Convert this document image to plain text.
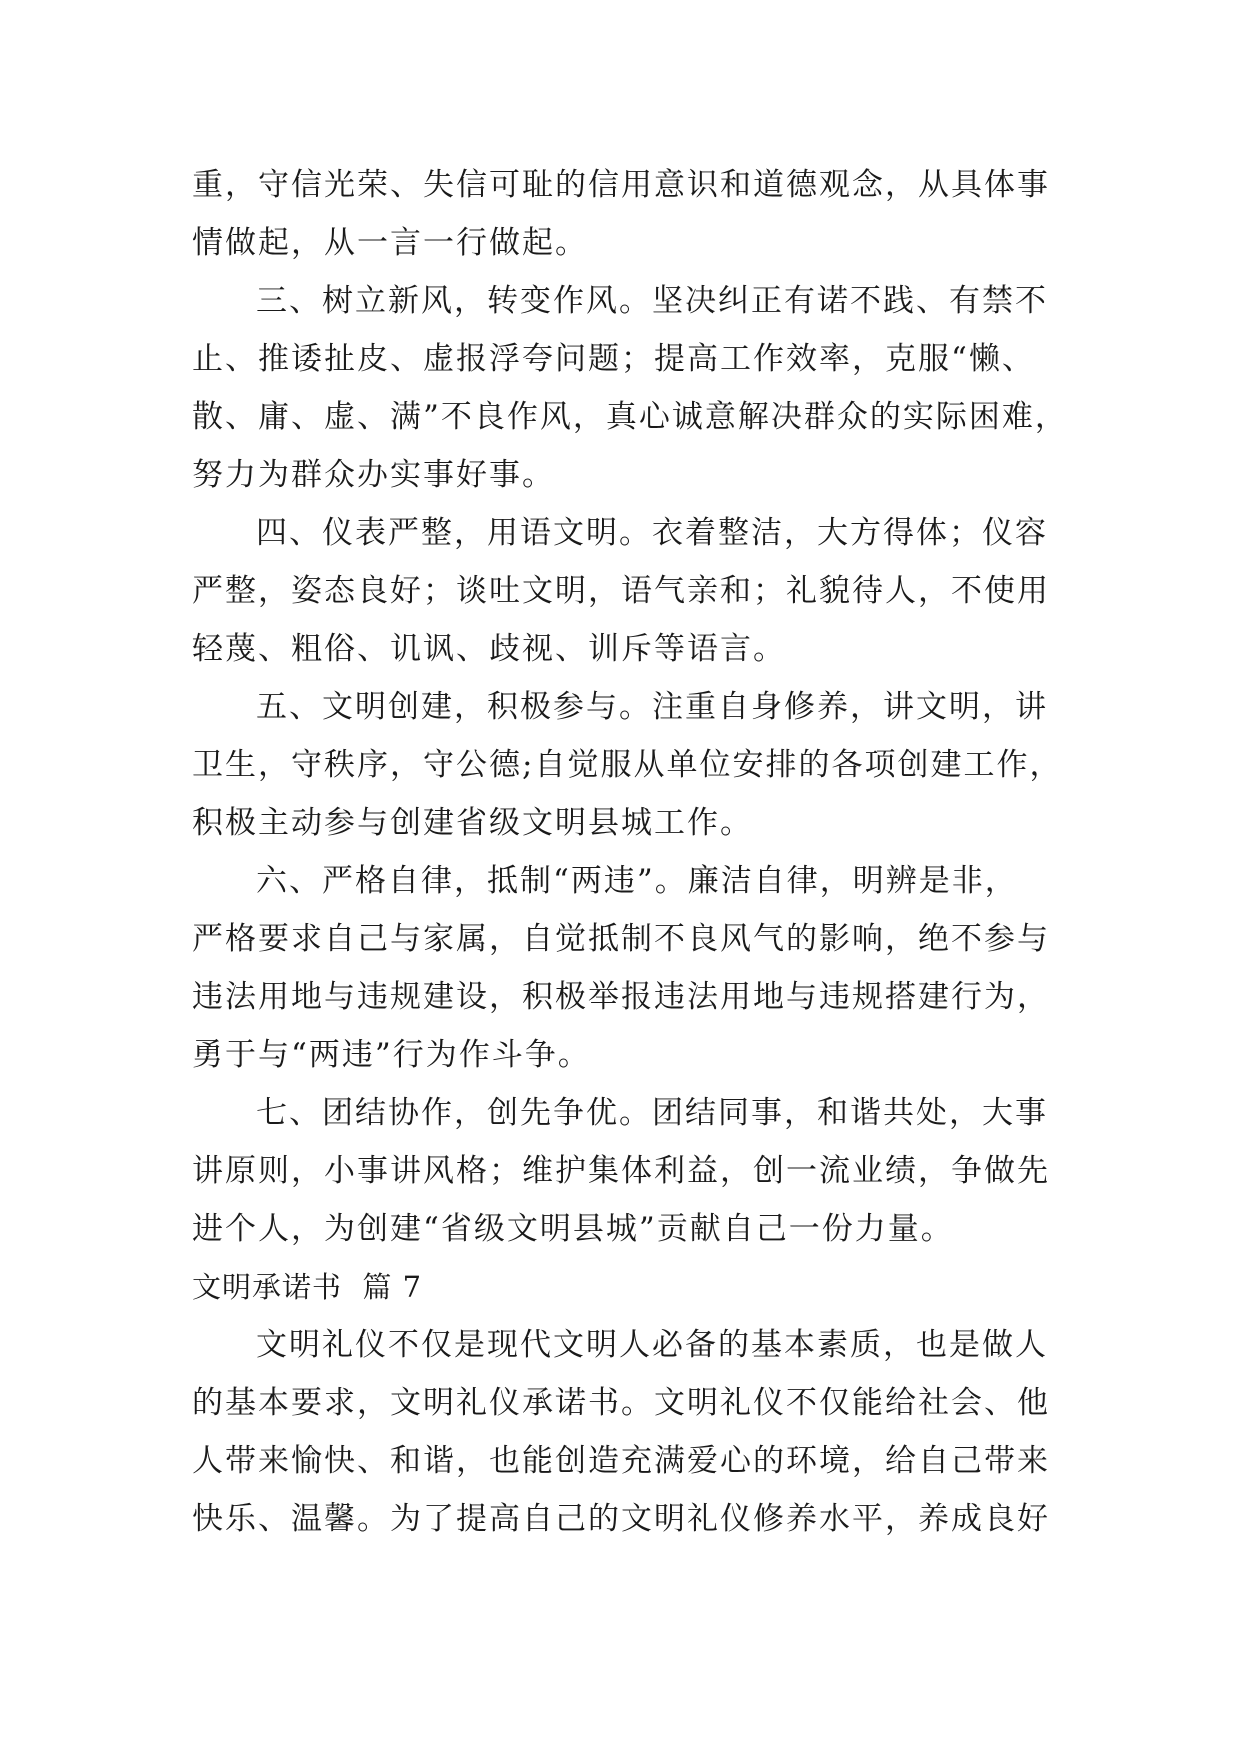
重，守信光荣、失信可耻的信用意识和道德观念，从具体事
情做起，从一言一行做起。
三、树立新风，转变作风。坚决纠正有诺不践、有禁不
止、推诿扯皮、虚报浮夸问题；提高工作效率，克服“懒、
散、庸、虚、满”不良作风，真心诚意解决群众的实际困难，
努力为群众办实事好事。
四、仪表严整，用语文明。衣着整洁，大方得体；仪容
严整，姿态良好；谈吐文明，语气亲和；礼貌待人，不使用
轻蔑、粗俗、讥讽、歧视、训斥等语言。
五、文明创建，积极参与。注重自身修养，讲文明，讲
卫生，守秩序，守公德;自觉服从单位安排的各项创建工作，
积极主动参与创建省级文明县城工作。
六、严格自律，抵制“两违”。廉洁自律，明辨是非，
严格要求自己与家属，自觉抵制不良风气的影响，绝不参与
违法用地与违规建设，积极举报违法用地与违规搭建行为，
勇于与“两违”行为作斗争。
七、团结协作，创先争优。团结同事，和谐共处，大事
讲原则，小事讲风格；维护集体利益，创一流业绩，争做先
进个人，为创建“省级文明县城”贡献自己一份力量。
文明承诺书  篇 7
文明礼仪不仅是现代文明人必备的基本素质，也是做人
的基本要求，文明礼仪承诺书。文明礼仪不仅能给社会、他
人带来愉快、和谐，也能创造充满爱心的环境，给自己带来
快乐、温馨。为了提高自己的文明礼仪修养水平，养成良好
